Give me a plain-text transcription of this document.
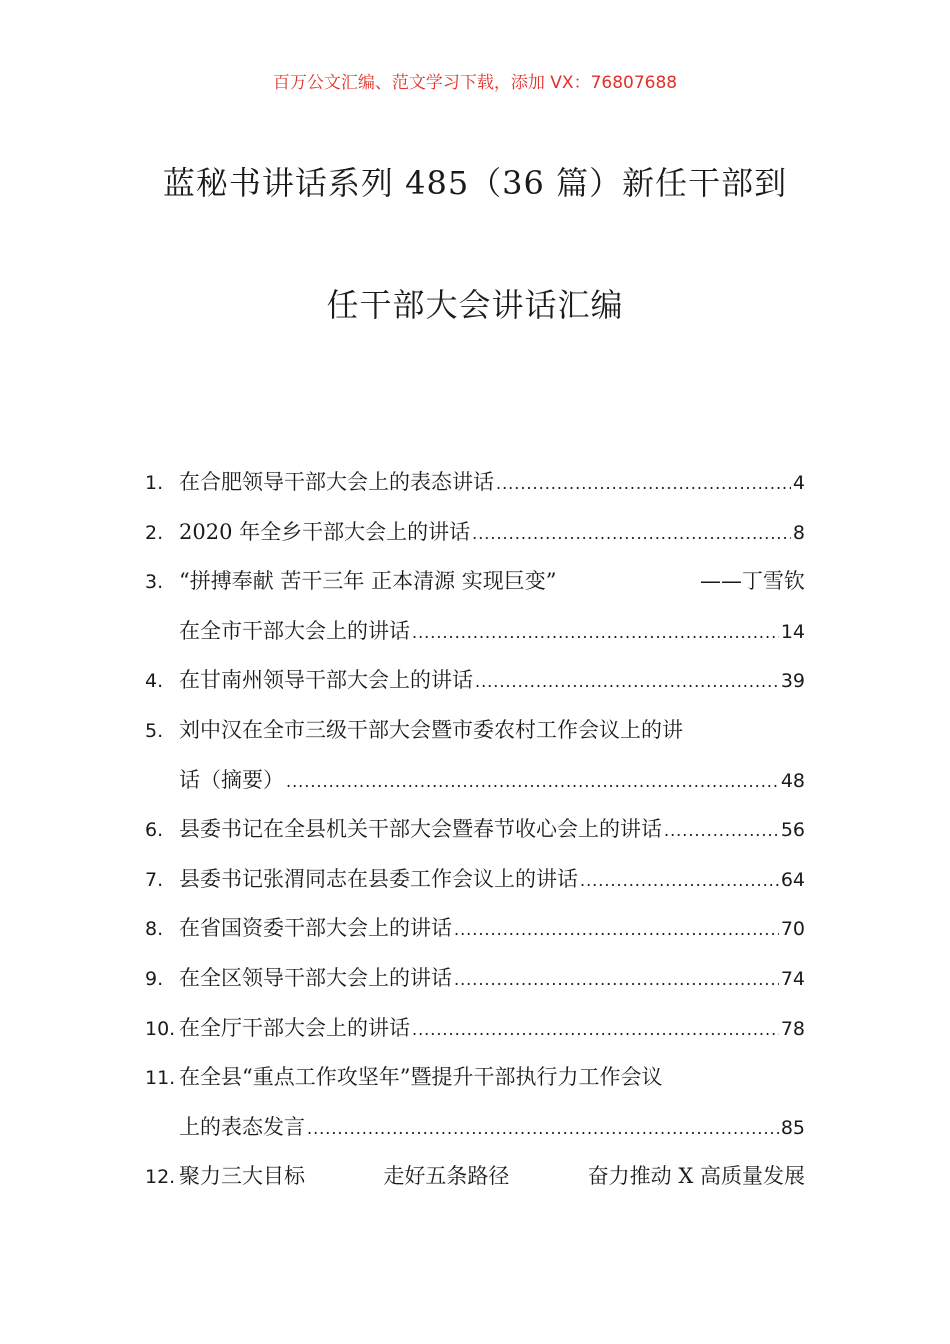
百万公文汇编、范文学习下载，添加 VX：76807688
蓝秘书讲话系列 485（36 篇）新任干部到
任干部大会讲话汇编
1. 在合肥领导干部大会上的表态讲话 .....	4
2. 2020 年全乡干部大会上的讲话 .....	8
3. “拼搏奉献 苦干三年 正本清源 实现巨变”	——丁雪钦
在全市干部大会上的讲话 .....	14
4. 在甘南州领导干部大会上的讲话 .....	39
5. 刘中汉在全市三级干部大会暨市委农村工作会议上的讲
话（摘要） .....	48
6. 县委书记在全县机关干部大会暨春节收心会上的讲话 .....	56
7. 县委书记张渭同志在县委工作会议上的讲话 .....	64
8. 在省国资委干部大会上的讲话 .....	70
9. 在全区领导干部大会上的讲话 .....	74
10. 在全厅干部大会上的讲话 .....	78
11. 在全县“重点工作攻坚年”暨提升干部执行力工作会议
上的表态发言 .....	85
12. 聚力三大目标	走好五条路径	奋力推动 X 高质量发展
